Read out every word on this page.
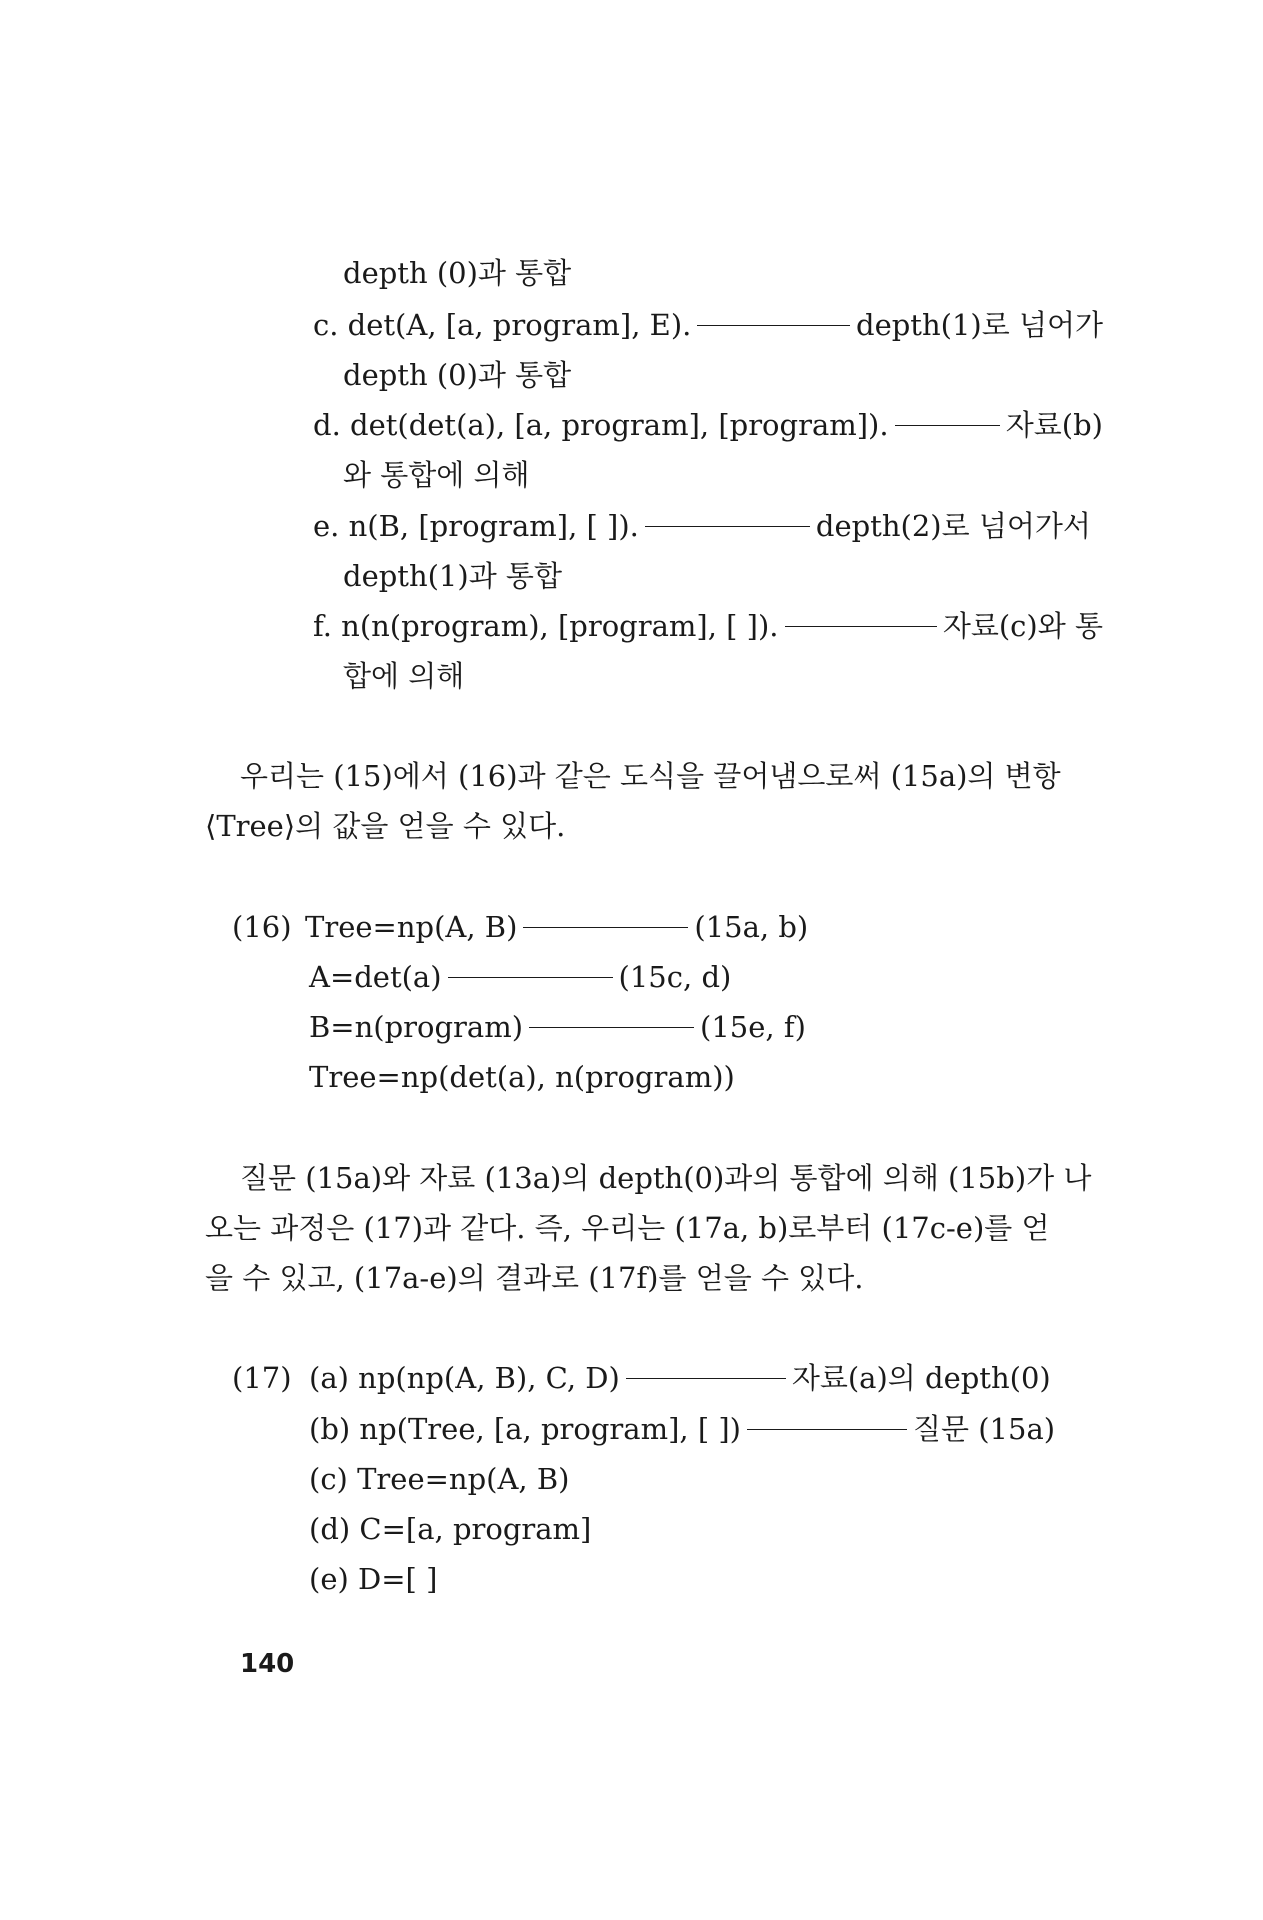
depth (0)과 통합
c. det(A, [a, program], E).	depth(1)로 넘어가
depth (0)과 통합
d. det(det(a), [a, program], [program]).	자료(b)
와 통합에 의해
e. n(B, [program], [ ]).	depth(2)로 넘어가서
depth(1)과 통합
f. n(n(program), [program], [ ]).	자료(c)와 통
합에 의해
우리는 (15)에서 (16)과 같은 도식을 끌어냄으로써 (15a)의 변항
⟨Tree⟩의 값을 얻을 수 있다.
(16) Tree=np(A, B)	(15a, b)
A=det(a)	(15c, d)
B=n(program)	(15e, f)
Tree=np(det(a), n(program))
질문 (15a)와 자료 (13a)의 depth(0)과의 통합에 의해 (15b)가 나
오는 과정은 (17)과 같다. 즉, 우리는 (17a, b)로부터 (17c-e)를 얻
을 수 있고, (17a-e)의 결과로 (17f)를 얻을 수 있다.
(17) (a) np(np(A, B), C, D)	자료(a)의 depth(0)
(b) np(Tree, [a, program], [ ])	질문 (15a)
(c) Tree=np(A, B)
(d) C=[a, program]
(e) D=[ ]
140
